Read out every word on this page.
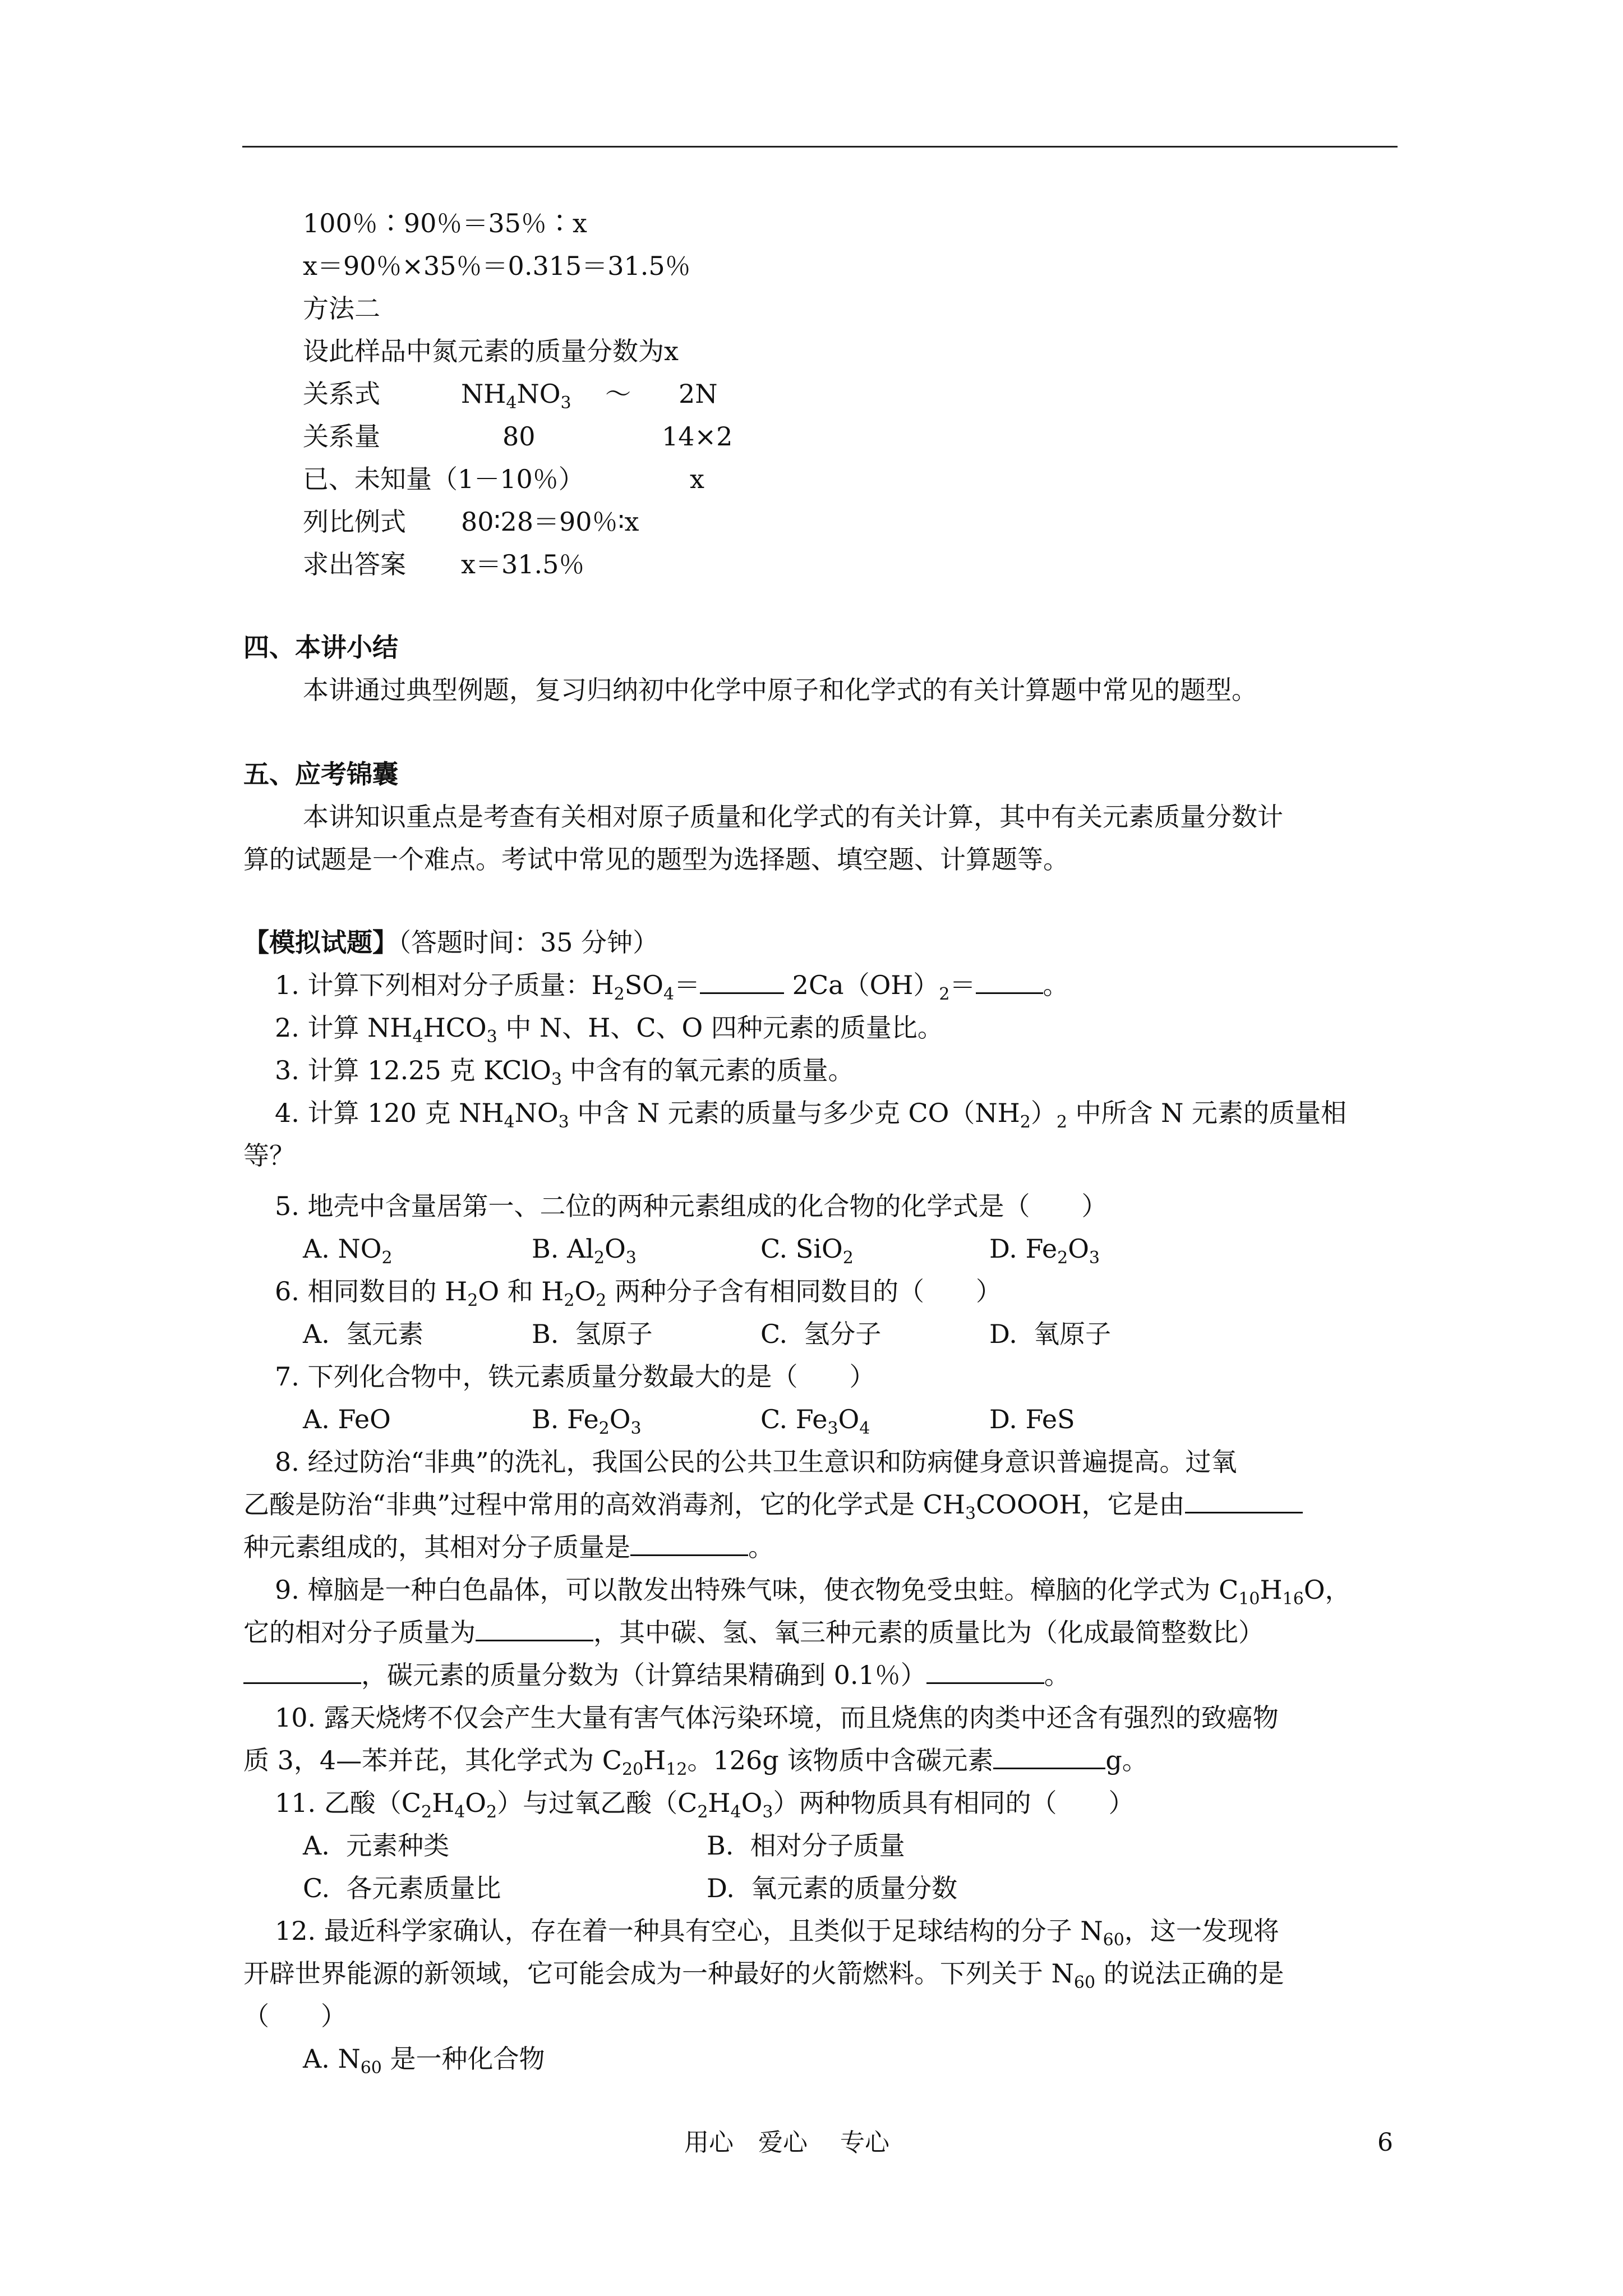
100％∶90％＝35％∶x
x＝90％×35％＝0.315＝31.5％
方法二
设此样品中氮元素的质量分数为x
关系式	$NH_4NO_3$　 ～ 2N
关系量	80	14×2
已、未知量（1－10％）	x
列比例式 80∶28＝90％∶x
求出答案 x＝31.5％
四、本讲小结
本讲通过典型例题，复习归纳初中化学中原子和化学式的有关计算题中常见的题型。
五、应考锦囊
本讲知识重点是考查有关相对原子质量和化学式的有关计算，其中有关元素质量分数计
算的试题是一个难点。考试中常见的题型为选择题、填空题、计算题等。
【模拟试题】（答题时间：35 分钟）
1. 计算下列相对分子质量：$H_2SO_4=$	$2Ca(OH)_2=$	。
2. 计算 $NH_4HCO_3$ 中 N、H、C、O 四种元素的质量比。
3. 计算 12.25 克 KClO$_3$ 中含有的氧元素的质量。
4. 计算 120 克 $NH_4NO_3$ 中含 N 元素的质量与多少克 $CO(NH_2)_2$ 中所含 N 元素的质量相
等？
5. 地壳中含量居第一、二位的两种元素组成的化合物的化学式是（　　）
A. $NO_2$	B. $Al_2O_3$	C. SiO$_2$	D. $Fe_2O_3$
6. 相同数目的 $H_2O$ 和 $H_2O_2$ 两种分子含有相同数目的（　　）
A.  氢元素	B.  氢原子	C.  氢分子	D.  氧原子
7. 下列化合物中，铁元素质量分数最大的是（　　）
A. FeO	B. $Fe_2O_3$	C. $Fe_3O_4$	D. FeS
8. 经过防治“非典”的洗礼，我国公民的公共卫生意识和防病健身意识普遍提高。过氧
乙酸是防治“非典”过程中常用的高效消毒剂，它的化学式是 $CH_3COOOH$，它是由
种元素组成的，其相对分子质量是	。
9. 樟脑是一种白色晶体，可以散发出特殊气味，使衣物免受虫蛀。樟脑的化学式为 $C_{10}H_{16}O$，
它的相对分子质量为	，其中碳、氢、氧三种元素的质量比为（化成最简整数比）
，碳元素的质量分数为（计算结果精确到 0.1％）	。
10. 露天烧烤不仅会产生大量有害气体污染环境，而且烧焦的肉类中还含有强烈的致癌物
质 3，4—苯并芘，其化学式为 $C_{20}H_{12}$。126g 该物质中含碳元素	g。
11. 乙酸$(C_2H_4O_2)$与过氧乙酸$(C_2H_4O_3)$两种物质具有相同的（　　）
A.  元素种类	B.  相对分子质量
C.  各元素质量比	D.  氧元素的质量分数
12. 最近科学家确认，存在着一种具有空心，且类似于足球结构的分子 $N_{60}$，这一发现将
开辟世界能源的新领域，它可能会成为一种最好的火箭燃料。下列关于 $N_{60}$ 的说法正确的是
（　　）
A. $N_{60}$ 是一种化合物
用心　爱心　 专心	6
